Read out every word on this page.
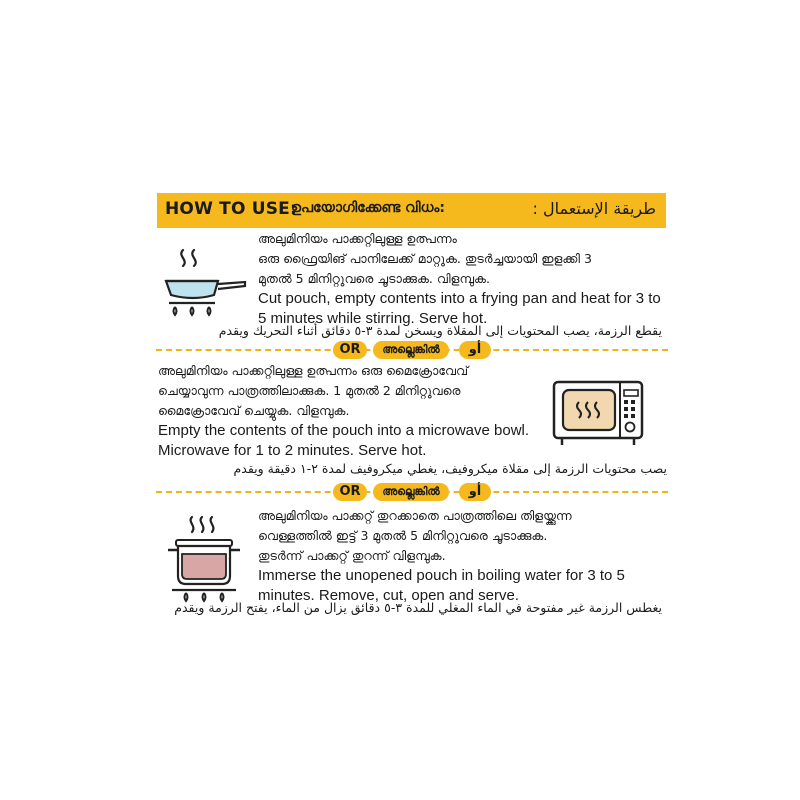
HOW TO USE:
ഉപയോഗിക്കേണ്ട വിധം:	طريقة الإستعمال :
അലുമിനിയം പാക്കറ്റിലുള്ള ഉത്പന്നം
ഒരു ഫ്രൈയിങ് പാനിലേക്ക് മാറ്റുക. തുടർച്ചയായി ഇളക്കി 3
മുതൽ 5 മിനിറ്റുവരെ ചൂടാക്കുക. വിളമ്പുക.
Cut pouch, empty contents into a frying pan and heat for 3 to
5 minutes while stirring. Serve hot.
يقطع الرزمة، يصب المحتويات إلى المقلاة ويسخن لمدة ٣-٥ دقائق أثناء التحريك ويقدم
OR	അല്ലെങ്കിൽ	أو
അലുമിനിയം പാക്കറ്റിലുള്ള ഉത്പന്നം ഒരു മൈക്രോവേവ്
ചെയ്യാവുന്ന പാത്രത്തിലാക്കുക. 1 മുതൽ 2 മിനിറ്റുവരെ
മൈക്രോവേവ് ചെയ്യുക. വിളമ്പുക.
Empty the contents of the pouch into a microwave bowl.
Microwave for 1 to 2 minutes. Serve hot.
يصب محتويات الرزمة إلى مقلاة ميكروفيف، يغطي ميكروفيف لمدة ٢-١ دقيقة ويقدم
OR	അല്ലെങ്കിൽ	أو
അലുമിനിയം പാക്കറ്റ് തുറക്കാതെ പാത്രത്തിലെ തിളയ്ക്കുന്ന
വെള്ളത്തിൽ ഇട്ട് 3 മുതൽ 5 മിനിറ്റുവരെ ചൂടാക്കുക.
തുടർന്ന് പാക്കറ്റ് തുറന്ന് വിളമ്പുക.
Immerse the unopened pouch in boiling water for 3 to 5
minutes. Remove, cut, open and serve.
يغطس الرزمة غير مفتوحة في الماء المغلي للمدة ٣-٥ دقائق يزال من الماء، يفتح الرزمة ويقدم
